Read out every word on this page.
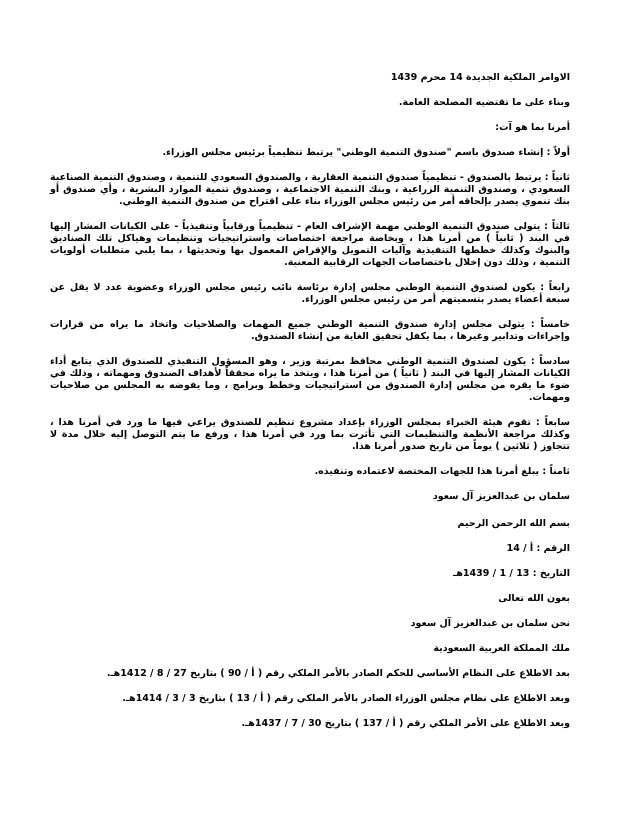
الاوامر الملكية الجديدة 14 محرم 1439

وبناء على ما تقتضيه المصلحة العامة.

أمرنا بما هو آت:

أولاً : إنشاء صندوق باسم "صندوق التنمية الوطني" يرتبط تنظيمياً برئيس مجلس الوزراء.

ثانياً : يرتبط بالصندوق - تنظيمياً صندوق التنمية العقارية ، والصندوق السعودي للتنمية ، وصندوق التنمية الصناعية السعودي ، وصندوق التنمية الزراعية ، وبنك التنمية الاجتماعية ، وصندوق تنمية الموارد البشرية ، وأي صندوق أو بنك تنموي يصدر بإلحاقه أمر من رئيس مجلس الوزراء بناء على اقتراح من صندوق التنمية الوطني.

ثالثاً : يتولى صندوق التنمية الوطني مهمة الإشراف العام - تنظيمياً ورقابياً وتنفيذياً - على الكيانات المشار إليها في البند ( ثانياً ) من أمرنا هذا ، وبخاصة مراجعة اختصاصات واستراتيجيات وتنظيمات وهياكل تلك الصناديق والبنوك وكذلك خططها التنفيذية وآليات التمويل والإقراض المعمول بها وتحديثها ، بما يلبي متطلبات أولويات التنمية ، وذلك دون إخلال باختصاصات الجهات الرقابية المعنية.

رابعاً : يكون لصندوق التنمية الوطني مجلس إدارة برئاسة نائب رئيس مجلس الوزراء وعضوية عدد لا يقل عن سبعة أعضاء يصدر بتسميتهم أمر من رئيس مجلس الوزراء.

خامساً : يتولى مجلس إدارة صندوق التنمية الوطني جميع المهمات والصلاحيات واتخاذ ما يراه من قرارات وإجراءات وتدابير وغيرها ، بما يكفل تحقيق الغاية من إنشاء الصندوق.

سادساً : يكون لصندوق التنمية الوطني محافظ بمرتبة وزير ، وهو المسؤول التنفيذي للصندوق الذي يتابع أداء الكيانات المشار إليها في البند ( ثانياً ) من أمرنا هذا ، ويتخذ ما يراه محققاً لأهداف الصندوق ومهماته ، وذلك في ضوء ما يقره من مجلس إدارة الصندوق من استراتيجيات وخطط وبرامج ، وما يفوضه به المجلس من صلاحيات ومهمات.

سابعاً : تقوم هيئة الخبراء بمجلس الوزراء بإعداد مشروع تنظيم للصندوق يراعي فيها ما ورد في أمرنا هذا ، وكذلك مراجعة الأنظمة والتنظيمات التي تأثرت بما ورد في أمرنا هذا ، ورفع ما يتم التوصل إليه خلال مدة لا تتجاوز ( ثلاثين ) يوماً من تاريخ صدور أمرنا هذا.

ثامناً : يبلغ أمرنا هذا للجهات المختصة لاعتماده وتنفيذه.

سلمان بن عبدالعزيز آل سعود

بسم الله الرحمن الرحيم

الرقم : أ / 14

التاريخ : 13 / 1 / 1439هـ

بعون الله تعالى

نحن سلمان بن عبدالعزيز آل سعود

ملك المملكة العربية السعودية

بعد الاطلاع على النظام الأساسي للحكم الصادر بالأمر الملكي رقم ( أ / 90 ) بتاريخ 27 / 8 / 1412هـ.

وبعد الاطلاع على نظام مجلس الوزراء الصادر بالأمر الملكي رقم ( أ / 13 ) بتاريخ 3 / 3 / 1414هـ.

وبعد الاطلاع على الأمر الملكي رقم ( أ / 137 ) بتاريخ 30 / 7 / 1437هـ.
